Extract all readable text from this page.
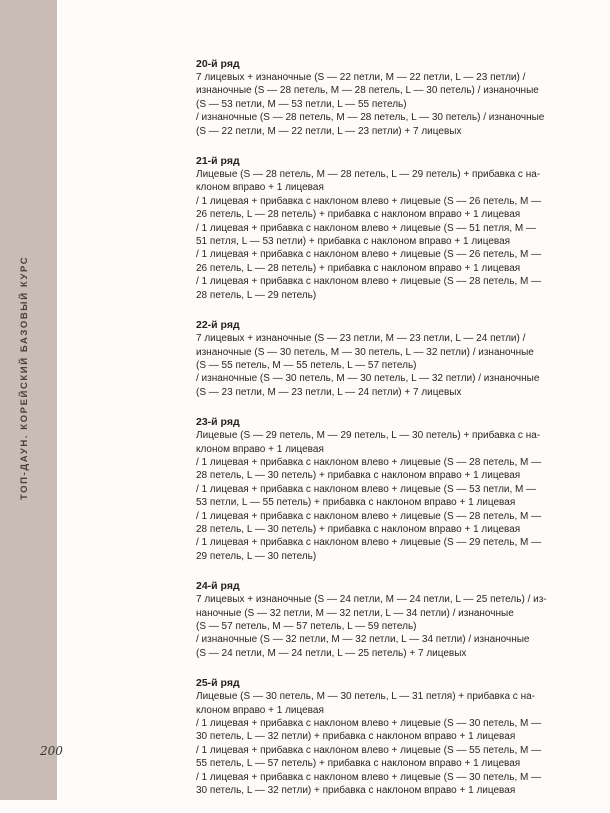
ТОП-ДАУН. КОРЕЙСКИЙ БАЗОВЫЙ КУРС
200
20-й ряд
7 лицевых + изнаночные (S — 22 петли, M — 22 петли, L — 23 петли) /
изнаночные (S — 28 петель, M — 28 петель, L — 30 петель) / изнаночные
(S — 53 петли, M — 53 петли, L — 55 петель)
/ изнаночные (S — 28 петель, M — 28 петель, L — 30 петель) / изнаночные
(S — 22 петли, M — 22 петли, L — 23 петли) + 7 лицевых
21-й ряд
Лицевые (S — 28 петель, M — 28 петель, L — 29 петель) + прибавка с на-
клоном вправо + 1 лицевая
/ 1 лицевая + прибавка с наклоном влево + лицевые (S — 26 петель, M —
26 петель, L — 28 петель) + прибавка с наклоном вправо + 1 лицевая
/ 1 лицевая + прибавка с наклоном влево + лицевые (S — 51 петля, M —
51 петля, L — 53 петли) + прибавка с наклоном вправо + 1 лицевая
/ 1 лицевая + прибавка с наклоном влево + лицевые (S — 26 петель, M —
26 петель, L — 28 петель) + прибавка с наклоном вправо + 1 лицевая
/ 1 лицевая + прибавка с наклоном влево + лицевые (S — 28 петель, M —
28 петель, L — 29 петель)
22-й ряд
7 лицевых + изнаночные (S — 23 петли, M — 23 петли, L — 24 петли) /
изнаночные (S — 30 петель, M — 30 петель, L — 32 петли) / изнаночные
(S — 55 петель, M — 55 петель, L — 57 петель)
/ изнаночные (S — 30 петель, M — 30 петель, L — 32 петли) / изнаночные
(S — 23 петли, M — 23 петли, L — 24 петли) + 7 лицевых
23-й ряд
Лицевые (S — 29 петель, M — 29 петель, L — 30 петель) + прибавка с на-
клоном вправо + 1 лицевая
/ 1 лицевая + прибавка с наклоном влево + лицевые (S — 28 петель, M —
28 петель, L — 30 петель) + прибавка с наклоном вправо + 1 лицевая
/ 1 лицевая + прибавка с наклоном влево + лицевые (S — 53 петли, M —
53 петли, L — 55 петель) + прибавка с наклоном вправо + 1 лицевая
/ 1 лицевая + прибавка с наклоном влево + лицевые (S — 28 петель, M —
28 петель, L — 30 петель) + прибавка с наклоном вправо + 1 лицевая
/ 1 лицевая + прибавка с наклоном влево + лицевые (S — 29 петель, M —
29 петель, L — 30 петель)
24-й ряд
7 лицевых + изнаночные (S — 24 петли, M — 24 петли, L — 25 петель) / из-
наночные (S — 32 петли, M — 32 петли, L — 34 петли) / изнаночные
(S — 57 петель, M — 57 петель, L — 59 петель)
/ изнаночные (S — 32 петли, M — 32 петли, L — 34 петли) / изнаночные
(S — 24 петли, M — 24 петли, L — 25 петель) + 7 лицевых
25-й ряд
Лицевые (S — 30 петель, M — 30 петель, L — 31 петля) + прибавка с на-
клоном вправо + 1 лицевая
/ 1 лицевая + прибавка с наклоном влево + лицевые (S — 30 петель, M —
30 петель, L — 32 петли) + прибавка с наклоном вправо + 1 лицевая
/ 1 лицевая + прибавка с наклоном влево + лицевые (S — 55 петель, M —
55 петель, L — 57 петель) + прибавка с наклоном вправо + 1 лицевая
/ 1 лицевая + прибавка с наклоном влево + лицевые (S — 30 петель, M —
30 петель, L — 32 петли) + прибавка с наклоном вправо + 1 лицевая
